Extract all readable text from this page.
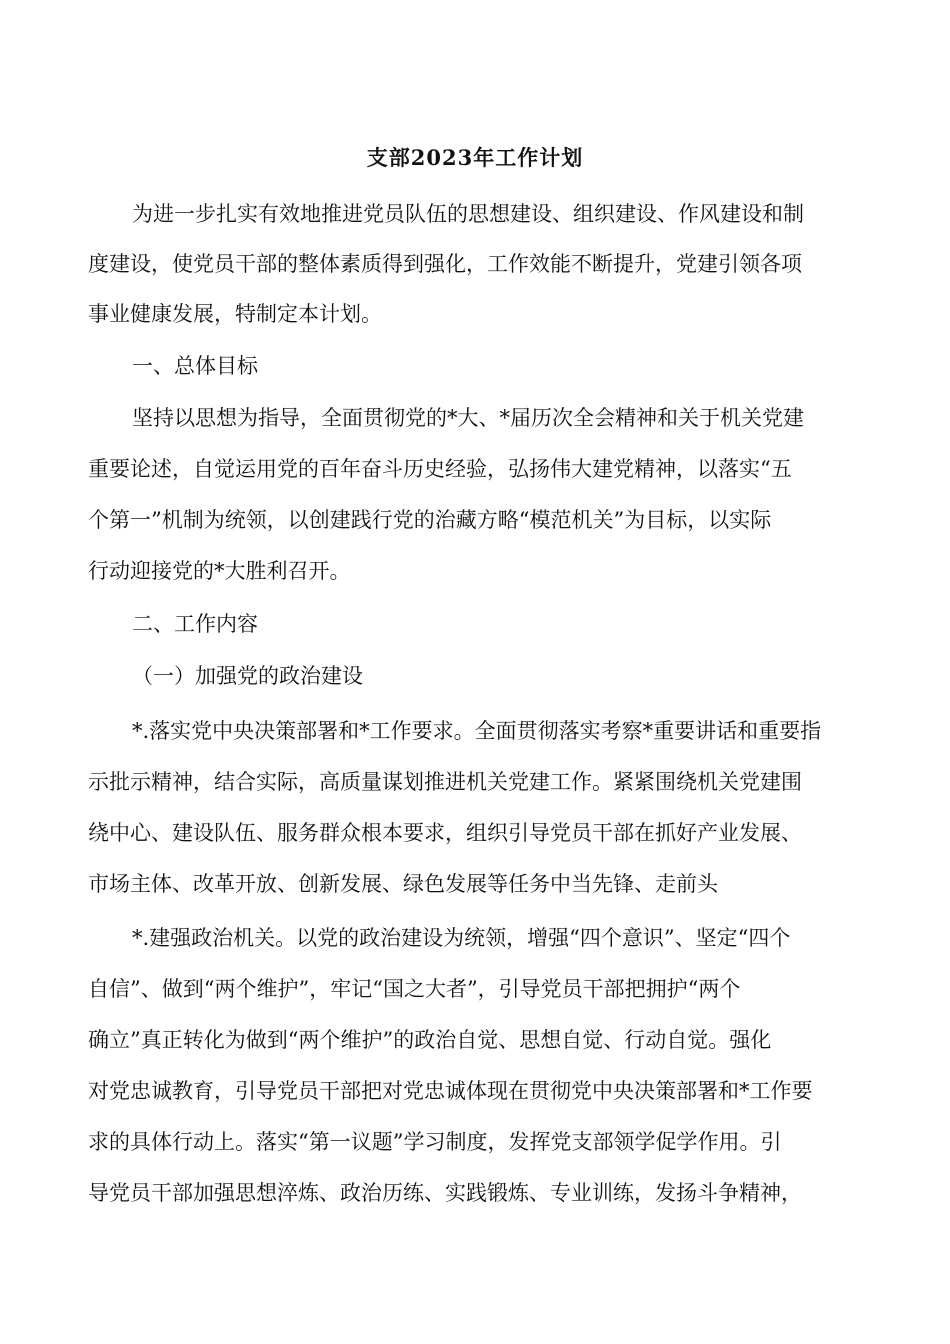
支部2023年工作计划
为进一步扎实有效地推进党员队伍的思想建设、组织建设、作风建设和制
度建设，使党员干部的整体素质得到强化，工作效能不断提升，党建引领各项
事业健康发展，特制定本计划。
一、总体目标
坚持以思想为指导，全面贯彻党的*大、*届历次全会精神和关于机关党建
重要论述，自觉运用党的百年奋斗历史经验，弘扬伟大建党精神，以落实“五
个第一”机制为统领，以创建践行党的治藏方略“模范机关”为目标，以实际
行动迎接党的*大胜利召开。
二、工作内容
（一）加强党的政治建设
*.落实党中央决策部署和*工作要求。全面贯彻落实考察*重要讲话和重要指
示批示精神，结合实际，高质量谋划推进机关党建工作。紧紧围绕机关党建围
绕中心、建设队伍、服务群众根本要求，组织引导党员干部在抓好产业发展、
市场主体、改革开放、创新发展、绿色发展等任务中当先锋、走前头
*.建强政治机关。以党的政治建设为统领，增强“四个意识”、坚定“四个
自信”、做到“两个维护”，牢记“国之大者”，引导党员干部把拥护“两个
确立”真正转化为做到“两个维护”的政治自觉、思想自觉、行动自觉。强化
对党忠诚教育，引导党员干部把对党忠诚体现在贯彻党中央决策部署和*工作要
求的具体行动上。落实“第一议题”学习制度，发挥党支部领学促学作用。引
导党员干部加强思想淬炼、政治历练、实践锻炼、专业训练，发扬斗争精神，
